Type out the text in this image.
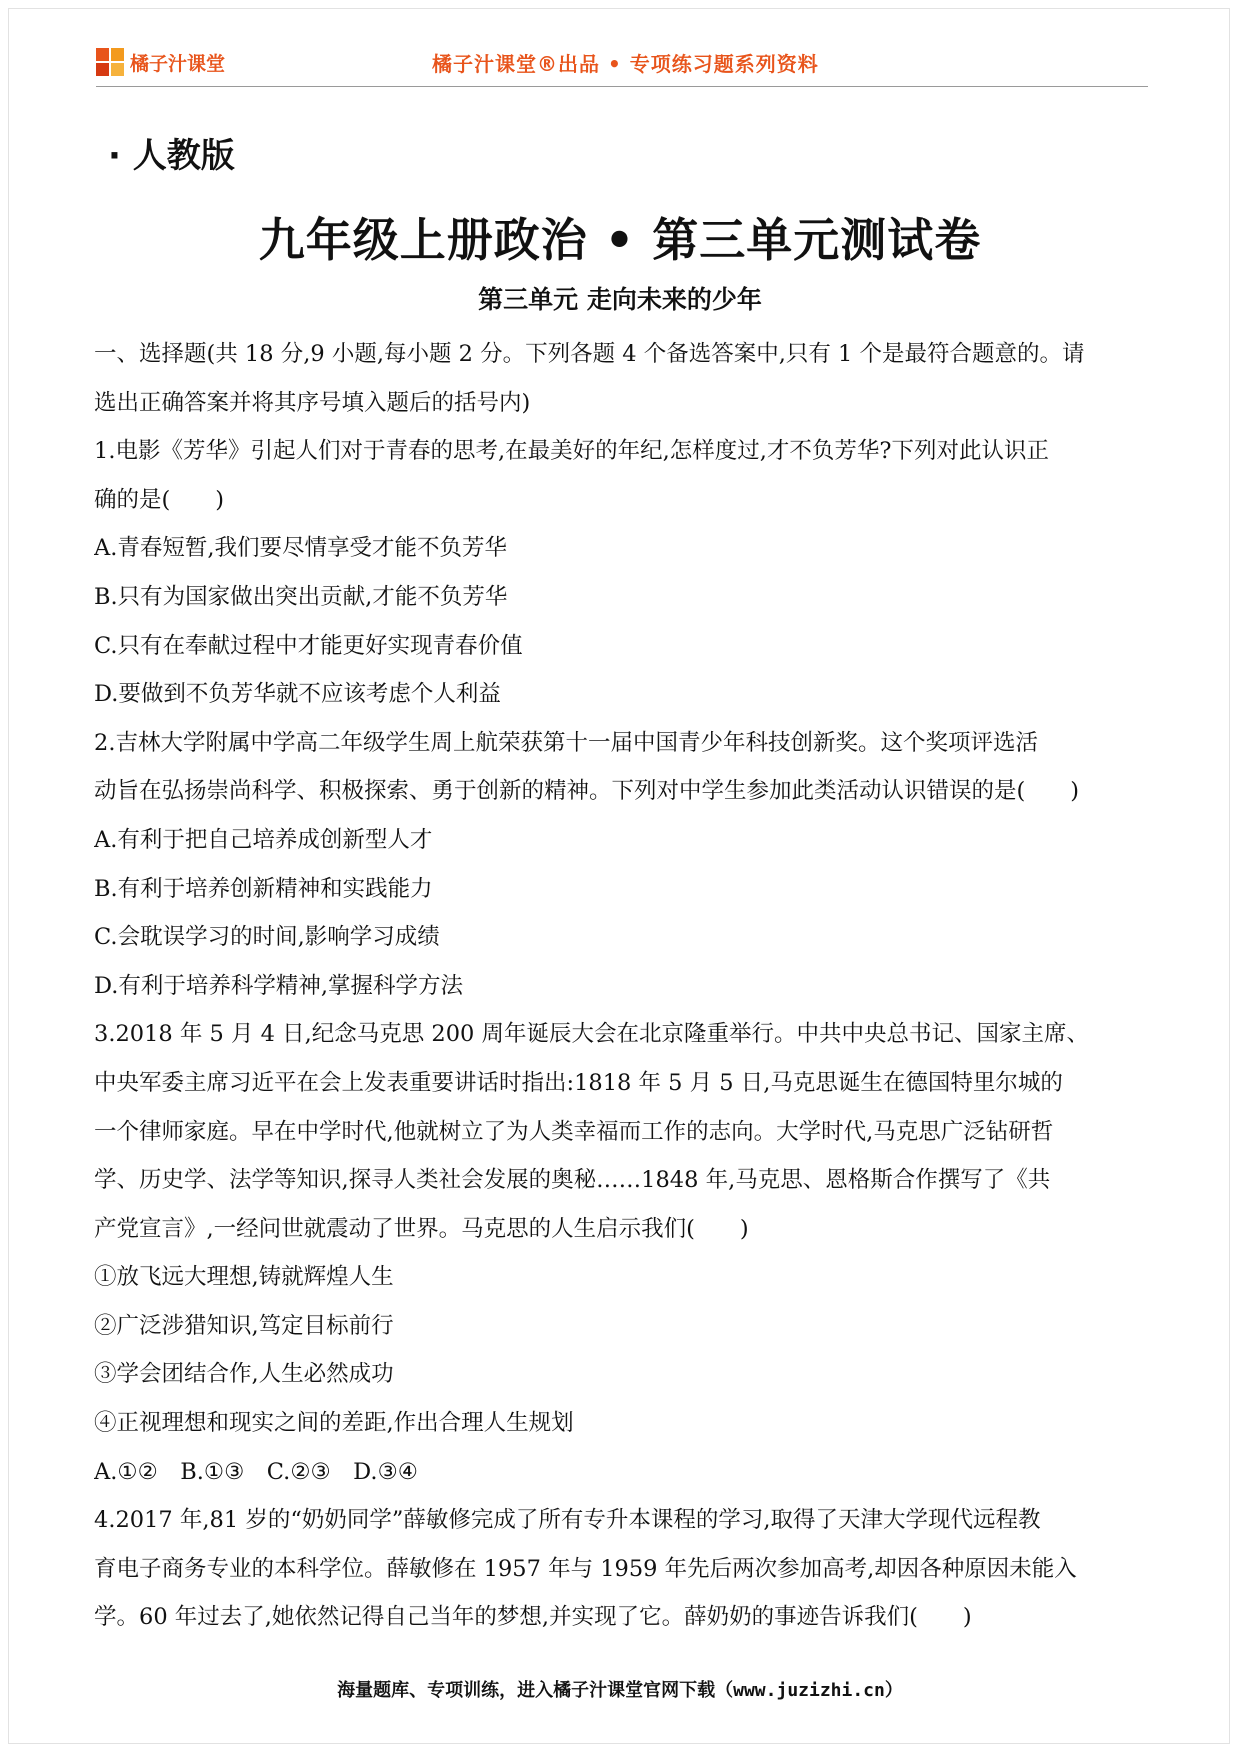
橘子汁课堂	橘子汁课堂®出品 • 专项练习题系列资料
· 人教版
九年级上册政治 • 第三单元测试卷
第三单元 走向未来的少年
一、选择题(共 18 分,9 小题,每小题 2 分。下列各题 4 个备选答案中,只有 1 个是最符合题意的。请
选出正确答案并将其序号填入题后的括号内)
1.电影《芳华》引起人们对于青春的思考,在最美好的年纪,怎样度过,才不负芳华?下列对此认识正
确的是(　　)
A.青春短暂,我们要尽情享受才能不负芳华
B.只有为国家做出突出贡献,才能不负芳华
C.只有在奉献过程中才能更好实现青春价值
D.要做到不负芳华就不应该考虑个人利益
2.吉林大学附属中学高二年级学生周上航荣获第十一届中国青少年科技创新奖。这个奖项评选活
动旨在弘扬崇尚科学、积极探索、勇于创新的精神。下列对中学生参加此类活动认识错误的是(　　)
A.有利于把自己培养成创新型人才
B.有利于培养创新精神和实践能力
C.会耽误学习的时间,影响学习成绩
D.有利于培养科学精神,掌握科学方法
3.2018 年 5 月 4 日,纪念马克思 200 周年诞辰大会在北京隆重举行。中共中央总书记、国家主席、
中央军委主席习近平在会上发表重要讲话时指出:1818 年 5 月 5 日,马克思诞生在德国特里尔城的
一个律师家庭。早在中学时代,他就树立了为人类幸福而工作的志向。大学时代,马克思广泛钻研哲
学、历史学、法学等知识,探寻人类社会发展的奥秘……1848 年,马克思、恩格斯合作撰写了《共
产党宣言》,一经问世就震动了世界。马克思的人生启示我们(　　)
①放飞远大理想,铸就辉煌人生
②广泛涉猎知识,笃定目标前行
③学会团结合作,人生必然成功
④正视理想和现实之间的差距,作出合理人生规划
A.①②　B.①③　C.②③　D.③④
4.2017 年,81 岁的“奶奶同学”薛敏修完成了所有专升本课程的学习,取得了天津大学现代远程教
育电子商务专业的本科学位。薛敏修在 1957 年与 1959 年先后两次参加高考,却因各种原因未能入
学。60 年过去了,她依然记得自己当年的梦想,并实现了它。薛奶奶的事迹告诉我们(　　)
海量题库、专项训练，进入橘子汁课堂官网下载（www.juzizhi.cn）
